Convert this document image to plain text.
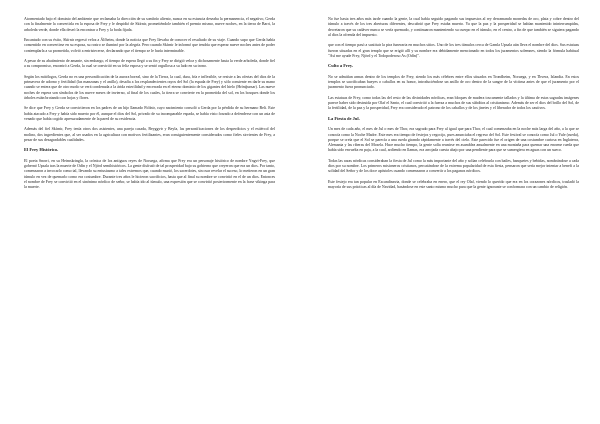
Atormentado bajo el dominio del ambiente que reclamaba la dirección de su sombrío aliento, nunca en su estancia deseaba la permanencia, el negativo, Gerda con la finalmente la convertirla en la esposa de Frey y le despidió de Skírnir, prometiéndole también el premio mismo, nueve noches, en la tierra de Barri, la arboleda verde, donde ella deseó la encontrar a Frey y la boda fijada.

Encantado con su éxito, Skírnir regresó veloz a Álfheim, donde la noticia que Frey llevaba de conocer el resultado de su viaje. Cuando supo que Gerda había consentido en convertirse en su esposa, su rostro se iluminó por la alegría. Pero cuando Skírnir le informó que tendría que esperar nueve noches antes de poder contemplarla a su prometida, volvió a entristecerse, declarando que el tiempo se le haría interminable.

A pesar de su abatimiento de amante, sin embargo, el tiempo de espera llegó a su fin y Frey se dirigió veloz y dichosamente hasta la verde arboleda, donde fiel a su compromiso, encontró a Gerda, la cual se convirtió en su feliz esposa y se sentó orgullosa a su lado en su trono.

Según los mitólogos, Gerda no es una personificación de la aurora boreal, sino de la Tierra, la cual, dura, fría e inflexible, se resiste a las ofertas del dios de la primavera de adorno y fertilidad (las manzanas y el anillo), desafía a los resplandecientes rayos del Sol (la espada de Frey) y sólo consiente en darle su mano cuando se entera que de otro modo se verá condenada a la árida esterilidad y encerrada en el eterno dominio de los gigantes del hielo (Hrímþursar). Las nueve noches de espera son símbolos de los nueve meses de invierno, al final de los cuales, la tierra se convierte en la prometida del sol, en los bosques donde los árboles están brotando con hojas y flores.

Se dice que Frey y Gerda se convirtieron en los padres de un hijo llamado Fiölnir, cuyo nacimiento consoló a Gerda por la pérdida de su hermano Beli. Este había atacado a Frey y había sido muerto por él, aunque el dios del Sol, privado de su incomparable espada, se había visto forzado a defenderse con un asta de venado que había cogido apresuradamente de la pared de su residencia.

Además del fiel Skírnir, Frey tenía otros dos asistentes, una pareja casada, Beyggvir y Beyla, las personificaciones de los desperdicios y el estiércol del molino, dos ingredientes que, al ser usados en la agricultura con motivos fertilizantes, eran consiguientemente considerados como fieles sirvientes de Frey, a pesar de sus desagradables cualidades.

El Frey Histórico.

El poeta Snorri, en su Heimskringla, la crónica de los antiguos reyes de Noruega, afirma que Frey era un personaje histórico de nombre Yngvi-Frey, que gobernó Upsala tras la muerte de Odín y el Njörd semihistóricos. La gente disfrutó de tal prosperidad bajo su gobierno que creyeron que era un dios. Por tanto, comenzaron a invocarlo como tal, llevando su entusiasmo a tales extremos que, cuando murió, los sacerdotes, sin osar revelar el suceso, lo metieron en un gran túmulo en vez de quemarlo como era costumbre. Durante tres años le hicieron sacrificios, hasta que al final su nombre se convirtió en el de un dios. Entonces el nombre de Frey se convirtió en el sinónimo nórdico de señor, se había ido al túmulo, una expresión que se convirtió posteriormente en la frase vikinga para la muerte.

No fue hasta tres años más tarde cuando la gente, la cual había seguido pagando sus impuestos al rey derramando monedas de oro, plata y cobre dentro del túmulo a través de los tres aberturas diferentes, descubrió que Frey estaba muerto. Ya que la paz y la prosperidad se habían mantenido ininterrumpidas, decretaron que su cadáver nunca se vería quemado, y continuaron manteniendo su cuerpo en el túmulo, en el centro, a fin de que también se siguiera pagando al dios la ofrenda del impuesto.

que con el tiempo pasó a sustituir la pira funeraria en muchos sitios. Uno de los tres túmulos cerca de Gamla Upsala aún lleva el nombre del dios. Sus estatuas fueron situadas en el gran templo que se erigió allí y su nombre era debidamente mencionado en todos los juramentos solemnes, siendo la fórmula habitual "Así me ayude Frey, Njörd y el Todopoderoso As (Odín)".

Culto a Frey.

No se admitían armas dentro de los templos de Frey, siendo los más célebres entre ellos situados en Trondheim, Noruega, y en Thvera, Islandia. En estos templos se sacrificaban bueyes o caballos en su honor, introduciéndose un anillo de oro dentro de la sangre de la víctima antes de que el juramento por el juramento fuera pronunciado.

Las estatuas de Frey, como todas las del resto de las divinidades nórdicas, eran bloques de madera toscamente tallados y la última de estas sagradas imágenes parece haber sido destruida por Olaf el Santo, el cual convirtió a la fuerza a muchos de sus súbditos al cristianismo. Además de ser el dios del brillo del Sol, de la fertilidad, de la paz y la prosperidad, Frey era considerado el patrono de los caballos y de los jinetes y el liberador de todos los cautivos.

La Fiesta de Jul.

Un mes de cada año, el mes de Jul o mes de Thor, era sagrado para Frey al igual que para Thor, el cual comenzaba en la noche más larga del año, a la que se conocía como la Noche Madre. Este mes era tiempo de festejos y regocijo, pues anunciaba el regreso del Sol. Este festival se conocía como Jul o Yule (rueda), porque se creía que el Sol se parecía a una rueda girando rápidamente a través del cielo. Este parecido fue el origen de una costumbre curiosa en Inglaterra, Alemania y las riberas del Mosela. Hace mucho tiempo, la gente solía reunirse en asamblea anualmente en una montaña para quemar una enorme rueda que había sido envuelta en paja, a la cual, ardiendo en llamas, era arrojada cuesta abajo por una pendiente para que se sumergiera en aguas con un sueco.

Todas las razas nórdicas consideraban la fiesta de Jul como la más importante del año y solían celebrarla con bailes, banquetes y bebidas, nombrándose a cada dios por su nombre. Los primeros misioneros cristianos, percatándose de la extrema popularidad de esta fiesta, pensaron que sería mejor intentar a benefi a la solidad del Señor y de los doce apóstoles cuando comenzaron a convertir a los paganos nórdicos.

Este festejo era tan popular en Escandinavia, donde se celebraba en enero, que el rey Olaf, viendo lo querido que era en los corazones nórdicos, trasladó la mayoría de sus prácticas al día de Navidad, basándose en este santo mismo mucho para que la gente ignorante se conformara con un cambio de religión.
